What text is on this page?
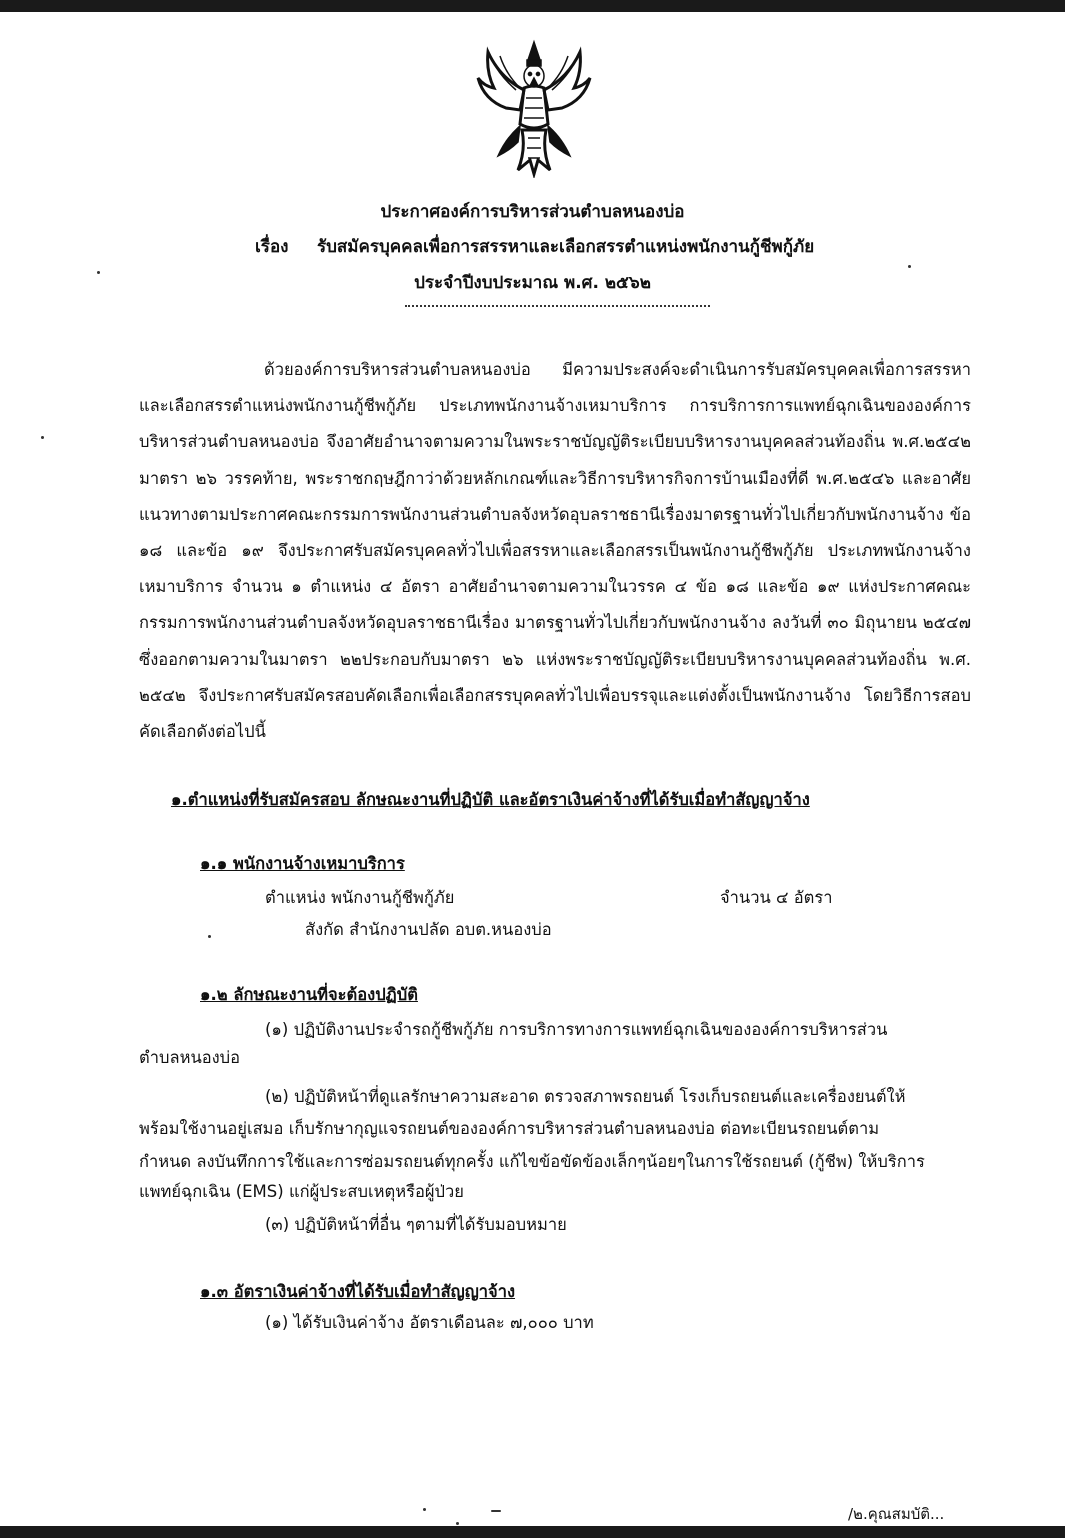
ประกาศองค์การบริหารส่วนตำบลหนองบ่อ
เรื่อง รับสมัครบุคคลเพื่อการสรรหาและเลือกสรรตำแหน่งพนักงานกู้ชีพกู้ภัย
ประจำปีงบประมาณ พ.ศ. ๒๕๖๒

ด้วยองค์การบริหารส่วนตำบลหนองบ่อ มีความประสงค์จะดำเนินการรับสมัครบุคคลเพื่อการสรรหาและเลือกสรรตำแหน่งพนักงานกู้ชีพกู้ภัย ประเภทพนักงานจ้างเหมาบริการ การบริการการแพทย์ฉุกเฉินขององค์การบริหารส่วนตำบลหนองบ่อ จึงอาศัยอำนาจตามความในพระราชบัญญัติระเบียบบริหารงานบุคคลส่วนท้องถิ่น พ.ศ.๒๕๔๒ มาตรา ๒๖ วรรคท้าย, พระราชกฤษฎีกาว่าด้วยหลักเกณฑ์และวิธีการบริหารกิจการบ้านเมืองที่ดี พ.ศ.๒๕๔๖ และอาศัยแนวทางตามประกาศคณะกรรมการพนักงานส่วนตำบลจังหวัดอุบลราชธานีเรื่องมาตรฐานทั่วไปเกี่ยวกับพนักงานจ้าง ข้อ ๑๘ และข้อ ๑๙ จึงประกาศรับสมัครบุคคลทั่วไปเพื่อสรรหาและเลือกสรรเป็นพนักงานกู้ชีพกู้ภัย ประเภทพนักงานจ้างเหมาบริการ จำนวน ๑ ตำแหน่ง ๔ อัตรา อาศัยอำนาจตามความในวรรค ๔ ข้อ ๑๘ และข้อ ๑๙ แห่งประกาศคณะกรรมการพนักงานส่วนตำบลจังหวัดอุบลราชธานีเรื่อง มาตรฐานทั่วไปเกี่ยวกับพนักงานจ้าง ลงวันที่ ๓๐ มิถุนายน ๒๕๔๗ ซึ่งออกตามความในมาตรา ๒๒ประกอบกับมาตรา ๒๖ แห่งพระราชบัญญัติระเบียบบริหารงานบุคคลส่วนท้องถิ่น พ.ศ. ๒๕๔๒ จึงประกาศรับสมัครสอบคัดเลือกเพื่อเลือกสรรบุคคลทั่วไปเพื่อบรรจุและแต่งตั้งเป็นพนักงานจ้าง โดยวิธีการสอบคัดเลือกดังต่อไปนี้

๑.ตำแหน่งที่รับสมัครสอบ ลักษณะงานที่ปฏิบัติ และอัตราเงินค่าจ้างที่ได้รับเมื่อทำสัญญาจ้าง
๑.๑ พนักงานจ้างเหมาบริการ
ตำแหน่ง พนักงานกู้ชีพกู้ภัย	จำนวน ๔ อัตรา
สังกัด สำนักงานปลัด อบต.หนองบ่อ
๑.๒ ลักษณะงานที่จะต้องปฏิบัติ
(๑) ปฏิบัติงานประจำรถกู้ชีพกู้ภัย การบริการทางการแพทย์ฉุกเฉินขององค์การบริหารส่วน
ตำบลหนองบ่อ
(๒) ปฏิบัติหน้าที่ดูแลรักษาความสะอาด ตรวจสภาพรถยนต์ โรงเก็บรถยนต์และเครื่องยนต์ให้
พร้อมใช้งานอยู่เสมอ เก็บรักษากุญแจรถยนต์ขององค์การบริหารส่วนตำบลหนองบ่อ ต่อทะเบียนรถยนต์ตาม
กำหนด ลงบันทึกการใช้และการซ่อมรถยนต์ทุกครั้ง แก้ไขข้อขัดข้องเล็กๆน้อยๆในการใช้รถยนต์ (กู้ชีพ) ให้บริการ
แพทย์ฉุกเฉิน (EMS) แก่ผู้ประสบเหตุหรือผู้ป่วย
(๓) ปฏิบัติหน้าที่อื่น ๆตามที่ได้รับมอบหมาย
๑.๓ อัตราเงินค่าจ้างที่ได้รับเมื่อทำสัญญาจ้าง
(๑) ได้รับเงินค่าจ้าง อัตราเดือนละ ๗,๐๐๐ บาท
/๒.คุณสมบัติ...
